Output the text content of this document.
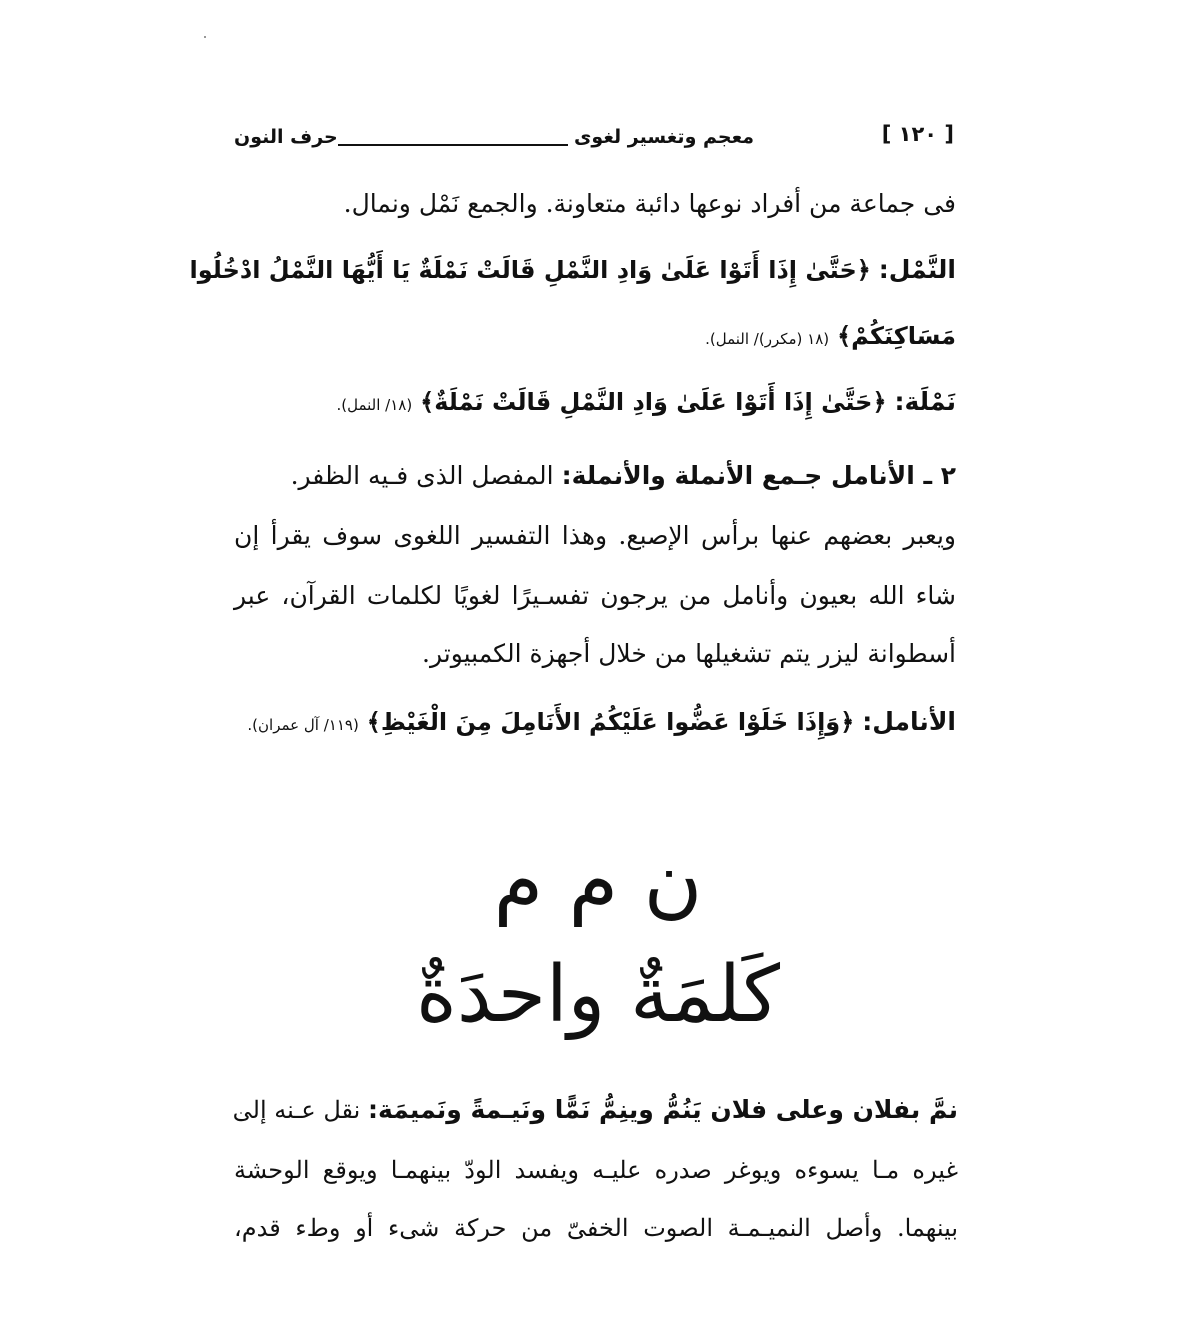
حرف النون	معجم وتغسير لغوى	[ ١٢٠ ]
فى جماعة من أفراد نوعها دائبة متعاونة. والجمع نَمْل ونمال.
النَّمْل: ﴿حَتَّىٰ إِذَا أَتَوْا عَلَىٰ وَادِ النَّمْلِ قَالَتْ نَمْلَةٌ يَا أَيُّهَا النَّمْلُ ادْخُلُوا
مَسَاكِنَكُمْ﴾ (١٨ (مكرر)/ النمل).
نَمْلَة: ﴿حَتَّىٰ إِذَا أَتَوْا عَلَىٰ وَادِ النَّمْلِ قَالَتْ نَمْلَةٌ﴾ (١٨/ النمل).
٢ ـ الأنامل جـمع الأنملة والأنملة: المفصل الذى فـيه الظفر.
ويعبر بعضهم عنها برأس الإصبع. وهذا التفسير اللغوى سوف يقرأ إن
شاء الله بعيون وأنامل من يرجون تفسـيرًا لغويًا لكلمات القرآن، عبر
أسطوانة ليزر يتم تشغيلها من خلال أجهزة الكمبيوتر.
الأنامل: ﴿وَإِذَا خَلَوْا عَضُّوا عَلَيْكُمُ الأَنَامِلَ مِنَ الْغَيْظِ﴾ (١١٩/ آل عمران).
ن م م
كَلمَةٌ واحدَةٌ
نمَّ بفلان وعلى فلان يَنُمُّ وينِمُّ نَمًّا ونَيـمةً ونَميمَة: نقل عـنه إلى
غيره مـا يسوءه ويوغر صدره عليـه ويفسد الودّ بينهمـا ويوقع الوحشة
بينهما. وأصل النميـمـة الصوت الخفىّ من حركة شىء أو وطء قدم،
